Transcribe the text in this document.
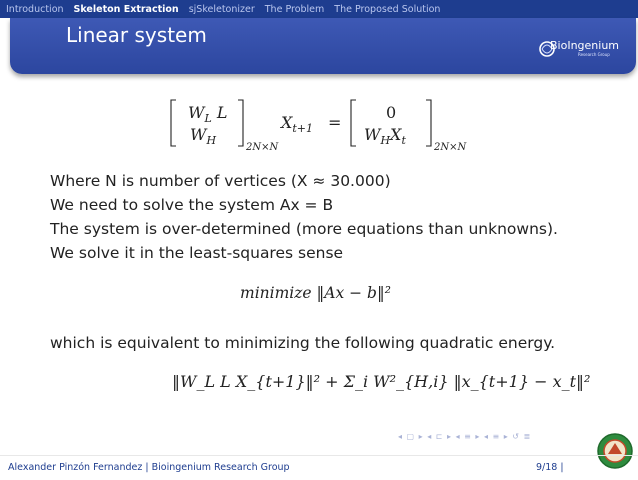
Introduction Skeleton Extraction sjSkeletonizer The Problem The Proposed Solution
Linear system	BioIngenium
Research Group
$W_L$ L
$W_H$
2N×N
$X_{t+1}$ =
0
$W_HX_t$
2N×N
Where N is number of vertices (X ≈ 30.000)
We need to solve the system Ax = B
The system is over-determined (more equations than unknowns).
We solve it in the least-squares sense
minimize ‖Ax − b‖²
which is equivalent to minimizing the following quadratic energy.
‖W_L L X_{t+1}‖² + Σ_i W²_{H,i} ‖x_{t+1} − x_t‖²
◂ ▢ ▸ ◂ ⊏ ▸ ◂ ≡ ▸ ◂ ≡ ▸ ↺ ≣
Alexander Pinzón Fernandez | Bioingenium Research Group	9/18 |
